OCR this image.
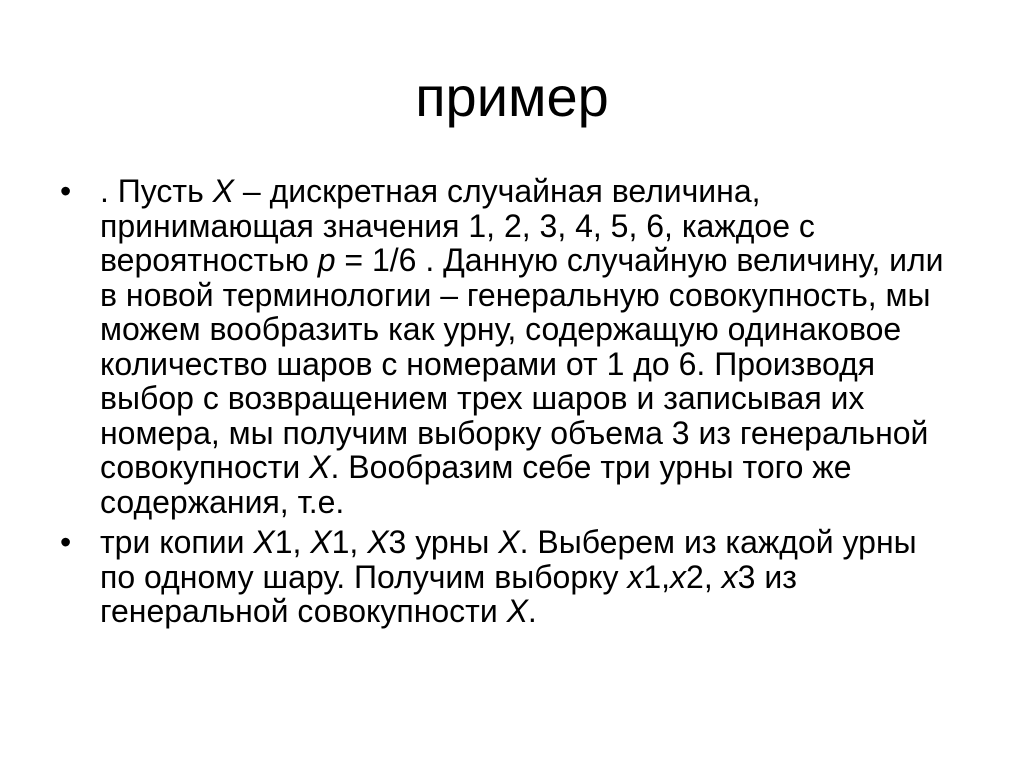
пример
• . Пусть X – дискретная случайная величина, принимающая значения 1, 2, 3, 4, 5, 6, каждое с вероятностью p = 1/6 . Данную случайную величину, или в новой терминологии – генеральную совокупность, мы можем вообразить как урну, содержащую одинаковое количество шаров с номерами от 1 до 6. Производя выбор с возвращением трех шаров и записывая их номера, мы получим выборку объема 3 из генеральной совокупности X. Вообразим себе три урны того же содержания, т.е.
• три копии X1, X1, X3 урны X. Выберем из каждой урны по одному шару. Получим выборку x1,x2, x3 из генеральной совокупности X.
